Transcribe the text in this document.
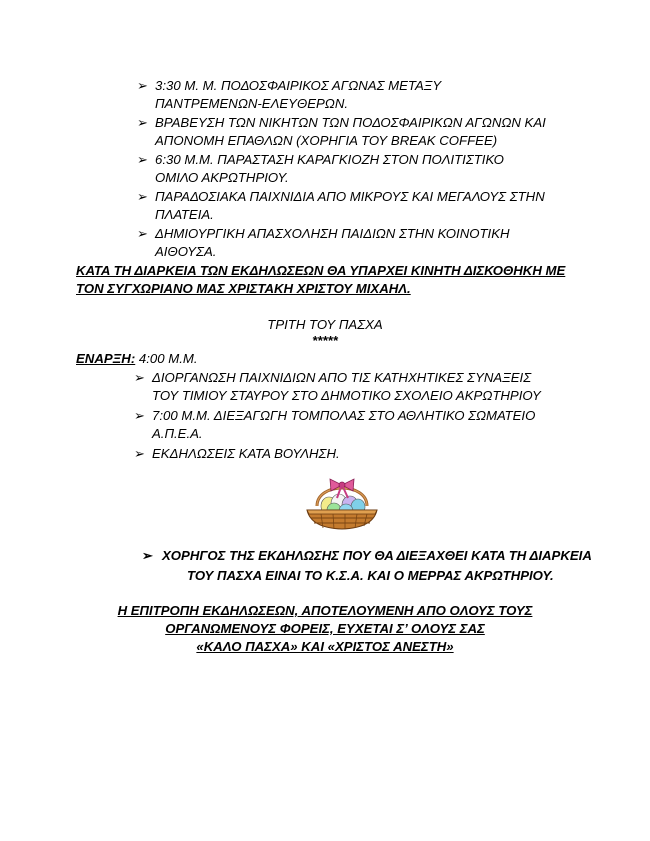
➢ 3:30 Μ. Μ. ΠΟΔΟΣΦΑΙΡΙΚΟΣ ΑΓΩΝΑΣ ΜΕΤΑΞΥ ΠΑΝΤΡΕΜΕΝΩΝ-ΕΛΕΥΘΕΡΩΝ.
➢ ΒΡΑΒΕΥΣΗ ΤΩΝ ΝΙΚΗΤΩΝ ΤΩΝ ΠΟΔΟΣΦΑΙΡΙΚΩΝ ΑΓΩΝΩΝ ΚΑΙ ΑΠΟΝΟΜΗ ΕΠΑΘΛΩΝ (ΧΟΡΗΓΙΑ ΤΟΥ BREAK COFFEE)
➢ 6:30 Μ.Μ. ΠΑΡΑΣΤΑΣΗ ΚΑΡΑΓΚΙΟΖΗ ΣΤΟΝ ΠΟΛΙΤΙΣΤΙΚΟ ΟΜΙΛΟ ΑΚΡΩΤΗΡΙΟΥ.
➢ ΠΑΡΑΔΟΣΙΑΚΑ ΠΑΙΧΝΙΔΙΑ ΑΠΟ ΜΙΚΡΟΥΣ ΚΑΙ ΜΕΓΑΛΟΥΣ ΣΤΗΝ ΠΛΑΤΕΙΑ.
➢ ΔΗΜΙΟΥΡΓΙΚΗ ΑΠΑΣΧΟΛΗΣΗ ΠΑΙΔΙΩΝ ΣΤΗΝ ΚΟΙΝΟΤΙΚΗ ΑΙΘΟΥΣΑ.
ΚΑΤΑ ΤΗ ΔΙΑΡΚΕΙΑ ΤΩΝ ΕΚΔΗΛΩΣΕΩΝ ΘΑ ΥΠΑΡΧΕΙ ΚΙΝΗΤΗ ΔΙΣΚΟΘΗΚΗ ΜΕ ΤΟΝ ΣΥΓΧΩΡΙΑΝΟ ΜΑΣ ΧΡΙΣΤΑΚΗ ΧΡΙΣΤΟΥ ΜΙΧΑΗΛ.
ΤΡΙΤΗ ΤΟΥ ΠΑΣΧΑ
*****
ΕΝΑΡΞΗ: 4:00 Μ.Μ.
➢ ΔΙΟΡΓΑΝΩΣΗ ΠΑΙΧΝΙΔΙΩΝ ΑΠΟ ΤΙΣ ΚΑΤΗΧΗΤΙΚΕΣ ΣΥΝΑΞΕΙΣ ΤΟΥ ΤΙΜΙΟΥ ΣΤΑΥΡΟΥ ΣΤΟ ΔΗΜΟΤΙΚΟ ΣΧΟΛΕΙΟ ΑΚΡΩΤΗΡΙΟΥ
➢ 7:00 Μ.Μ. ΔΙΕΞΑΓΩΓΗ ΤΟΜΠΟΛΑΣ ΣΤΟ ΑΘΛΗΤΙΚΟ ΣΩΜΑΤΕΙΟ Α.Π.Ε.Α.
➢ ΕΚΔΗΛΩΣΕΙΣ ΚΑΤΑ ΒΟΥΛΗΣΗ.
➢ ΧΟΡΗΓΟΣ ΤΗΣ ΕΚΔΗΛΩΣΗΣ ΠΟΥ ΘΑ ΔΙΕΞΑΧΘΕΙ ΚΑΤΑ ΤΗ ΔΙΑΡΚΕΙΑ
ΤΟΥ ΠΑΣΧΑ ΕΙΝΑΙ ΤΟ Κ.Σ.Α. ΚΑΙ Ο ΜΕΡΡΑΣ ΑΚΡΩΤΗΡΙΟΥ.
Η ΕΠΙΤΡΟΠΗ ΕΚΔΗΛΩΣΕΩΝ, ΑΠΟΤΕΛΟΥΜΕΝΗ ΑΠΟ ΟΛΟΥΣ ΤΟΥΣ
ΟΡΓΑΝΩΜΕΝΟΥΣ ΦΟΡΕΙΣ, ΕΥΧΕΤΑΙ Σ’ ΟΛΟΥΣ ΣΑΣ
«ΚΑΛΟ ΠΑΣΧΑ» ΚΑΙ «ΧΡΙΣΤΟΣ ΑΝΕΣΤΗ»
